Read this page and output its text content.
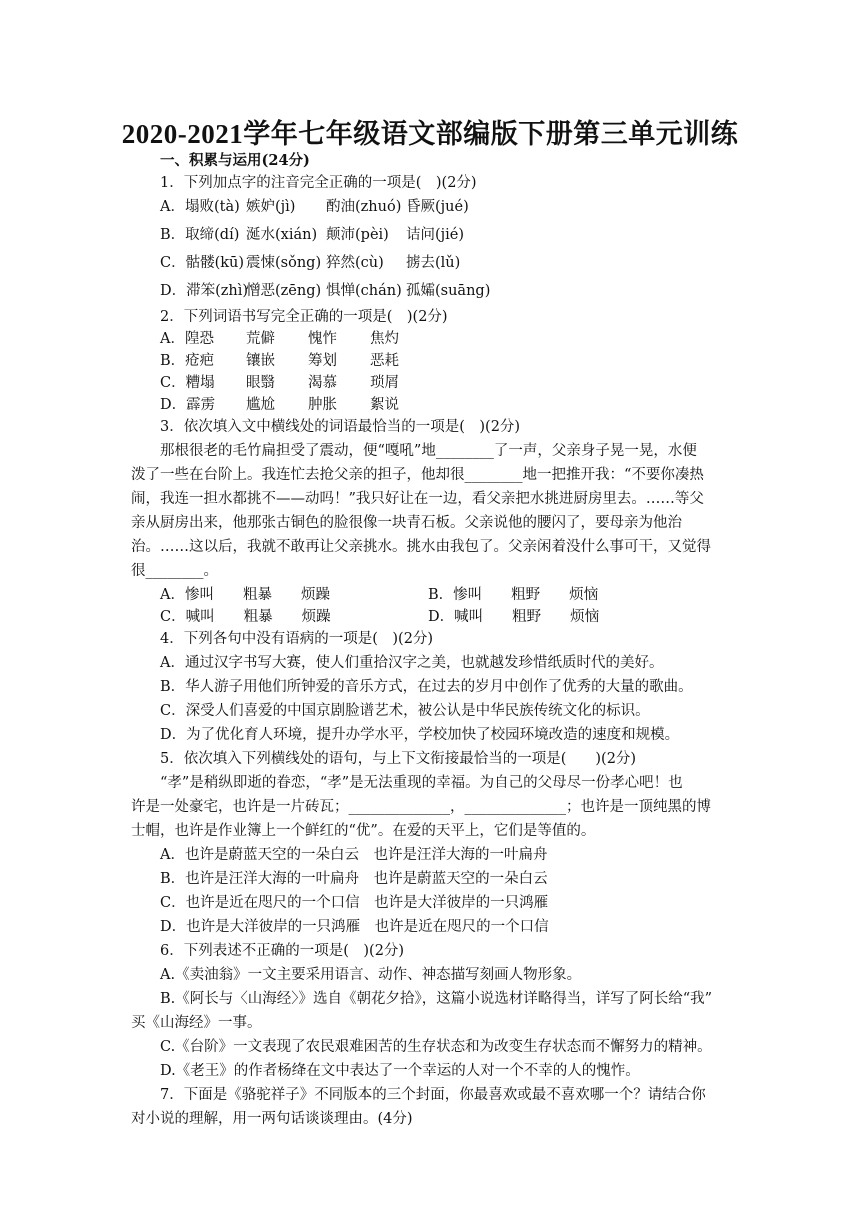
2020-2021学年七年级语文部编版下册第三单元训练
一、积累与运用(24分)
1．下列加点字的注音完全正确的一项是(　)(2分)
A．塌败(tà) 嫉妒(jì) 酌油(zhuó) 昏厥(jué)
B．取缔(dí) 涎水(xián) 颠沛(pèi) 诘问(jié)
C．骷髅(kū) 震悚(sǒng) 猝然(cù) 掳去(lǔ)
D．滞笨(zhì)憎恶(zēng) 惧惮(chán) 孤孀(suāng)
2．下列词语书写完全正确的一项是(　)(2分)
A．隍恐 荒僻 愧怍 焦灼
B．疮疤 镶嵌 筹划 恶耗
C．糟塌 眼翳 渴慕 琐屑
D．霹雳 尴尬 肿胀 絮说
3．依次填入文中横线处的词语最恰当的一项是(　)(2分)
那根很老的毛竹扁担受了震动，便“嘎吼”地________了一声，父亲身子晃一晃，水便
泼了一些在台阶上。我连忙去抢父亲的担子，他却很________地一把推开我：“不要你凑热
闹，我连一担水都挑不——动吗！”我只好让在一边，看父亲把水挑进厨房里去。……等父
亲从厨房出来，他那张古铜色的脸很像一块青石板。父亲说他的腰闪了，要母亲为他治
治。……这以后，我就不敢再让父亲挑水。挑水由我包了。父亲闲着没什么事可干，又觉得
很________。
A．惨叫　　粗暴　　烦躁	B．惨叫　　粗野　　烦恼
C．喊叫　　粗暴　　烦躁	D．喊叫　　粗野　　烦恼
4．下列各句中没有语病的一项是(　)(2分)
A．通过汉字书写大赛，使人们重拾汉字之美，也就越发珍惜纸质时代的美好。
B．华人游子用他们所钟爱的音乐方式，在过去的岁月中创作了优秀的大量的歌曲。
C．深受人们喜爱的中国京剧脸谱艺术，被公认是中华民族传统文化的标识。
D．为了优化育人环境，提升办学水平，学校加快了校园环境改造的速度和规模。
5．依次填入下列横线处的语句，与上下文衔接最恰当的一项是(　　)(2分)
“孝”是稍纵即逝的眷恋，“孝”是无法重现的幸福。为自己的父母尽一份孝心吧！也
许是一处豪宅，也许是一片砖瓦；______________，______________；也许是一顶纯黑的博
士帽，也许是作业簿上一个鲜红的“优”。在爱的天平上，它们是等值的。
A．也许是蔚蓝天空的一朵白云　也许是汪洋大海的一叶扁舟
B．也许是汪洋大海的一叶扁舟　也许是蔚蓝天空的一朵白云
C．也许是近在咫尺的一个口信　也许是大洋彼岸的一只鸿雁
D．也许是大洋彼岸的一只鸿雁　也许是近在咫尺的一个口信
6．下列表述不正确的一项是(　)(2分)
A.《卖油翁》一文主要采用语言、动作、神态描写刻画人物形象。
B.《阿长与〈山海经〉》选自《朝花夕拾》，这篇小说选材详略得当，详写了阿长给“我”
买《山海经》一事。
C.《台阶》一文表现了农民艰难困苦的生存状态和为改变生存状态而不懈努力的精神。
D.《老王》的作者杨绛在文中表达了一个幸运的人对一个不幸的人的愧怍。
7．下面是《骆驼祥子》不同版本的三个封面，你最喜欢或最不喜欢哪一个？请结合你
对小说的理解，用一两句话谈谈理由。(4分)
